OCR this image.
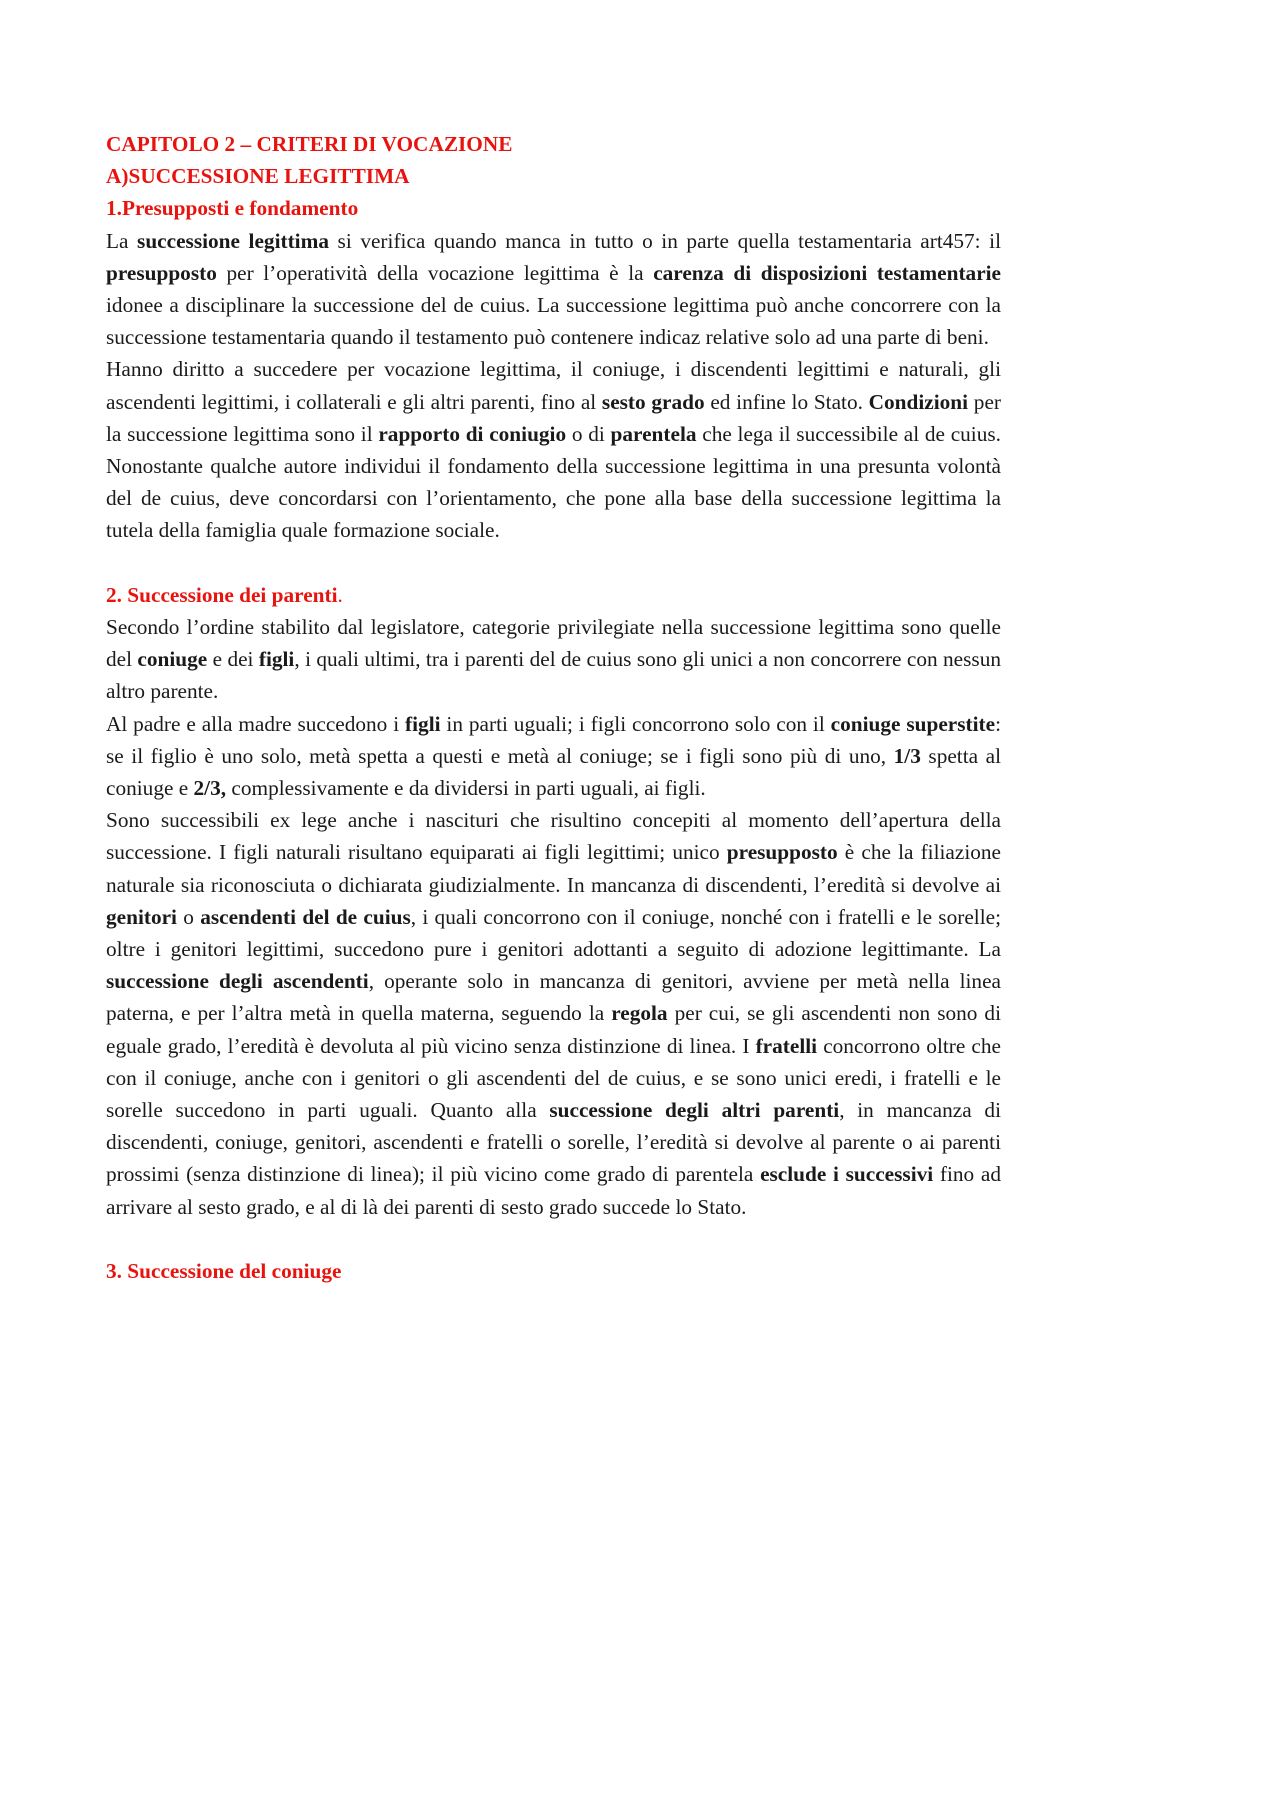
CAPITOLO 2 – CRITERI DI VOCAZIONE
A)SUCCESSIONE LEGITTIMA
1.Presupposti e fondamento

La successione legittima si verifica quando manca in tutto o in parte quella testamentaria art457: il presupposto per l’operatività della vocazione legittima è la carenza di disposizioni testamentarie idonee a disciplinare la successione del de cuius. La successione legittima può anche concorrere con la successione testamentaria quando il testamento può contenere indicaz relative solo ad una parte di beni.

Hanno diritto a succedere per vocazione legittima, il coniuge, i discendenti legittimi e naturali, gli ascendenti legittimi, i collaterali e gli altri parenti, fino al sesto grado ed infine lo Stato. Condizioni per la successione legittima sono il rapporto di coniugio o di parentela che lega il successibile al de cuius. Nonostante qualche autore individui il fondamento della successione legittima in una presunta volontà del de cuius, deve concordarsi con l’orientamento, che pone alla base della successione legittima la tutela della famiglia quale formazione sociale.

2. Successione dei parenti.

Secondo l’ordine stabilito dal legislatore, categorie privilegiate nella successione legittima sono quelle del coniuge e dei figli, i quali ultimi, tra i parenti del de cuius sono gli unici a non concorrere con nessun altro parente.

Al padre e alla madre succedono i figli in parti uguali; i figli concorrono solo con il coniuge superstite: se il figlio è uno solo, metà spetta a questi e metà al coniuge; se i figli sono più di uno, 1/3 spetta al coniuge e 2/3, complessivamente e da dividersi in parti uguali, ai figli.

Sono successibili ex lege anche i nascituri che risultino concepiti al momento dell’apertura della successione. I figli naturali risultano equiparati ai figli legittimi; unico presupposto è che la filiazione naturale sia riconosciuta o dichiarata giudizialmente. In mancanza di discendenti, l’eredità si devolve ai genitori o ascendenti del de cuius, i quali concorrono con il coniuge, nonché con i fratelli e le sorelle; oltre i genitori legittimi, succedono pure i genitori adottanti a seguito di adozione legittimante. La successione degli ascendenti, operante solo in mancanza di genitori, avviene per metà nella linea paterna, e per l’altra metà in quella materna, seguendo la regola per cui, se gli ascendenti non sono di eguale grado, l’eredità è devoluta al più vicino senza distinzione di linea. I fratelli concorrono oltre che con il coniuge, anche con i genitori o gli ascendenti del de cuius, e se sono unici eredi, i fratelli e le sorelle succedono in parti uguali. Quanto alla successione degli altri parenti, in mancanza di discendenti, coniuge, genitori, ascendenti e fratelli o sorelle, l’eredità si devolve al parente o ai parenti prossimi (senza distinzione di linea); il più vicino come grado di parentela esclude i successivi fino ad arrivare al sesto grado, e al di là dei parenti di sesto grado succede lo Stato.

3. Successione del coniuge
